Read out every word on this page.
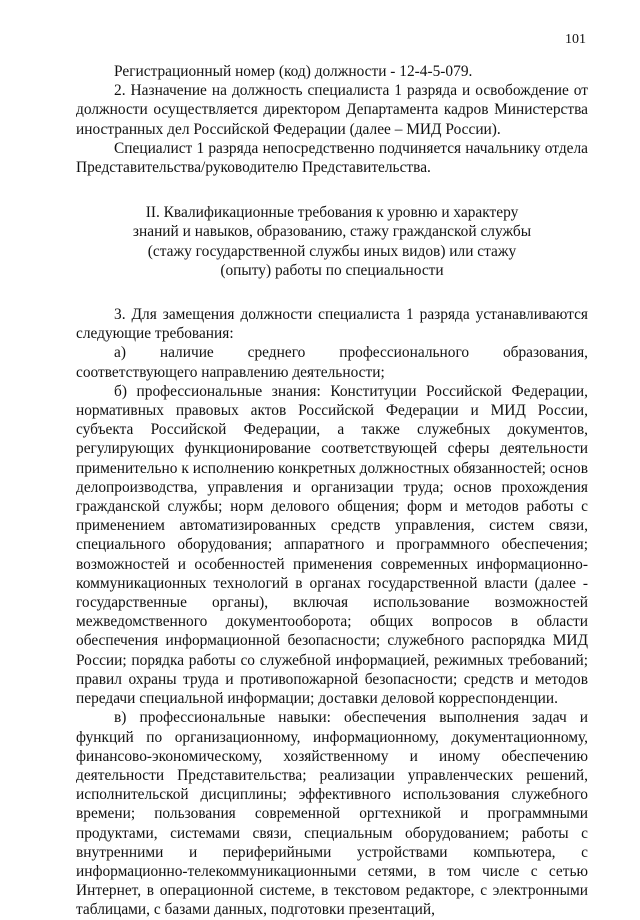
101

Регистрационный номер (код) должности - 12-4-5-079.

2. Назначение на должность специалиста 1 разряда и освобождение от должности осуществляется директором Департамента кадров Министерства иностранных дел Российской Федерации (далее – МИД России).

Специалист 1 разряда непосредственно подчиняется начальнику отдела Представительства/руководителю Представительства.

II. Квалификационные требования к уровню и характеру
знаний и навыков, образованию, стажу гражданской службы
(стажу государственной службы иных видов) или стажу
(опыту) работы по специальности

3. Для замещения должности специалиста 1 разряда устанавливаются следующие требования:

а) наличие среднего профессионального образования, соответствующего направлению деятельности;

б) профессиональные знания: Конституции Российской Федерации, нормативных правовых актов Российской Федерации и МИД России, субъекта Российской Федерации, а также служебных документов, регулирующих функционирование соответствующей сферы деятельности применительно к исполнению конкретных должностных обязанностей; основ делопроизводства, управления и организации труда; основ прохождения гражданской службы; норм делового общения; форм и методов работы с применением автоматизированных средств управления, систем связи, специального оборудования; аппаратного и программного обеспечения; возможностей и особенностей применения современных информационно-коммуникационных технологий в органах государственной власти (далее - государственные органы), включая использование возможностей межведомственного документооборота; общих вопросов в области обеспечения информационной безопасности; служебного распорядка МИД России; порядка работы со служебной информацией, режимных требований; правил охраны труда и противопожарной безопасности; средств и методов передачи специальной информации; доставки деловой корреспонденции.

в) профессиональные навыки: обеспечения выполнения задач и функций по организационному, информационному, документационному, финансово-экономическому, хозяйственному и иному обеспечению деятельности Представительства; реализации управленческих решений, исполнительской дисциплины; эффективного использования служебного времени; пользования современной оргтехникой и программными продуктами, системами связи, специальным оборудованием; работы с внутренними и периферийными устройствами компьютера, с информационно-телекоммуникационными сетями, в том числе с сетью Интернет, в операционной системе, в текстовом редакторе, с электронными таблицами, с базами данных, подготовки презентаций,
